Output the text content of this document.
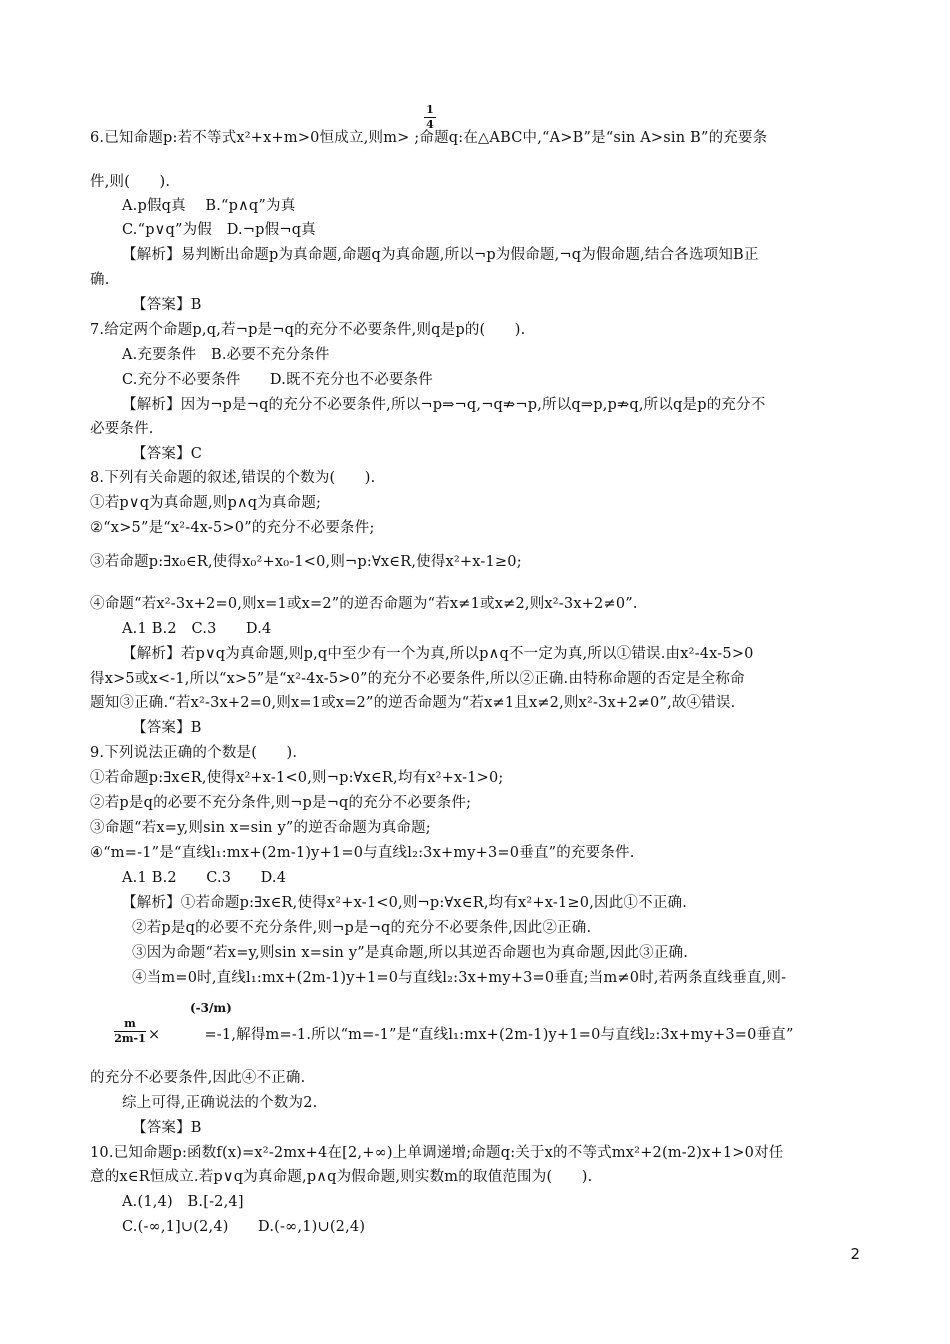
6.已知命题p:若不等式x²+x+m>0恒成立,则m> ;命题q:在△ABC中,“A>B”是“sin A>sin B”的充要条
1
4
件,则(　　).
A.p假q真　 B.“p∧q”为真
C.“p∨q”为假　D.¬p假¬q真
【解析】易判断出命题p为真命题,命题q为真命题,所以¬p为假命题,¬q为假命题,结合各选项知B正
确.
【答案】B
7.给定两个命题p,q,若¬p是¬q的充分不必要条件,则q是p的(　　).
A.充要条件　B.必要不充分条件
C.充分不必要条件　　D.既不充分也不必要条件
【解析】因为¬p是¬q的充分不必要条件,所以¬p⇒¬q,¬q⇏¬p,所以q⇒p,p⇏q,所以q是p的充分不
必要条件.
【答案】C
8.下列有关命题的叙述,错误的个数为(　　).
①若p∨q为真命题,则p∧q为真命题;
②“x>5”是“x²-4x-5>0”的充分不必要条件;
③若命题p:∃x₀∈R,使得x₀²+x₀-1<0,则¬p:∀x∈R,使得x²+x-1≥0;
④命题“若x²-3x+2=0,则x=1或x=2”的逆否命题为“若x≠1或x≠2,则x²-3x+2≠0”.
A.1 B.2　C.3　　D.4
【解析】若p∨q为真命题,则p,q中至少有一个为真,所以p∧q不一定为真,所以①错误.由x²-4x-5>0
得x>5或x<-1,所以“x>5”是“x²-4x-5>0”的充分不必要条件,所以②正确.由特称命题的否定是全称命
题知③正确.“若x²-3x+2=0,则x=1或x=2”的逆否命题为“若x≠1且x≠2,则x²-3x+2≠0”,故④错误.
【答案】B
9.下列说法正确的个数是(　　).
①若命题p:∃x∈R,使得x²+x-1<0,则¬p:∀x∈R,均有x²+x-1>0;
②若p是q的必要不充分条件,则¬p是¬q的充分不必要条件;
③命题“若x=y,则sin x=sin y”的逆否命题为真命题;
④“m=-1”是“直线l₁:mx+(2m-1)y+1=0与直线l₂:3x+my+3=0垂直”的充要条件.
A.1 B.2　　C.3　　D.4
【解析】①若命题p:∃x∈R,使得x²+x-1<0,则¬p:∀x∈R,均有x²+x-1≥0,因此①不正确.
②若p是q的必要不充分条件,则¬p是¬q的充分不必要条件,因此②正确.
③因为命题“若x=y,则sin x=sin y”是真命题,所以其逆否命题也为真命题,因此③正确.
④当m=0时,直线l₁:mx+(2m-1)y+1=0与直线l₂:3x+my+3=0垂直;当m≠0时,若两条直线垂直,则-
m
2m-1
(-3/m)
×　　　=-1,解得m=-1.所以“m=-1”是“直线l₁:mx+(2m-1)y+1=0与直线l₂:3x+my+3=0垂直”
的充分不必要条件,因此④不正确.
综上可得,正确说法的个数为2.
【答案】B
10.已知命题p:函数f(x)=x²-2mx+4在[2,+∞)上单调递增;命题q:关于x的不等式mx²+2(m-2)x+1>0对任
意的x∈R恒成立.若p∨q为真命题,p∧q为假命题,则实数m的取值范围为(　　).
A.(1,4)　B.[-2,4]
C.(-∞,1]∪(2,4)　　D.(-∞,1)∪(2,4)
2
